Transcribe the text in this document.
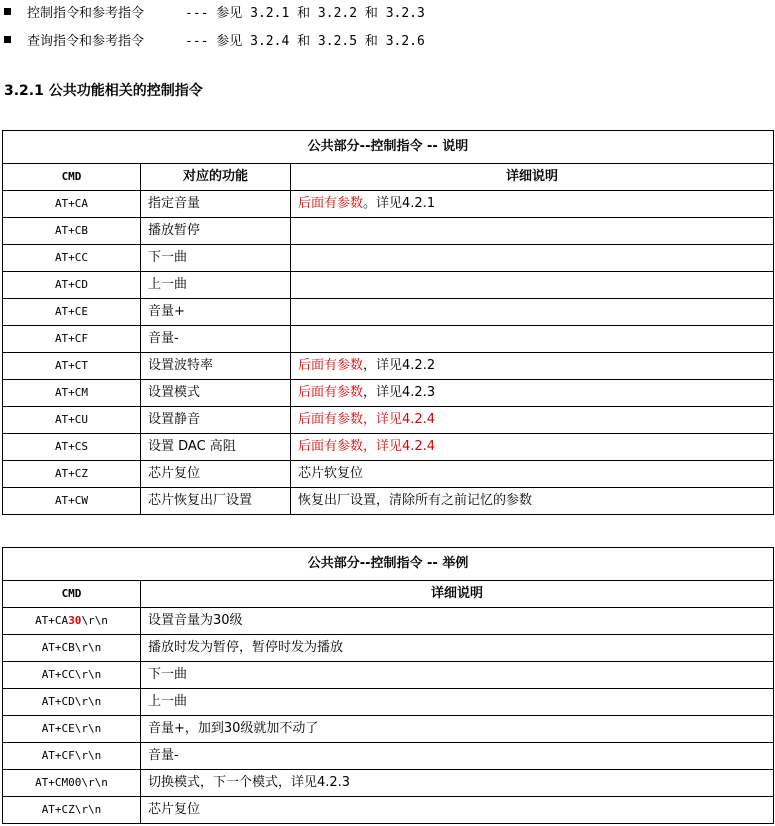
控制指令和参考指令	--- 参见 3.2.1 和 3.2.2 和 3.2.3
查询指令和参考指令	--- 参见 3.2.4 和 3.2.5 和 3.2.6
3.2.1 公共功能相关的控制指令
公共部分--控制指令 -- 说明		
CMD	对应的功能	详细说明
AT+CA	指定音量	后面有参数。详见4.2.1
AT+CB	播放暂停	
AT+CC	下一曲	
AT+CD	上一曲	
AT+CE	音量+	
AT+CF	音量-	
AT+CT	设置波特率	后面有参数，详见4.2.2
AT+CM	设置模式	后面有参数，详见4.2.3
AT+CU	设置静音	后面有参数，详见4.2.4
AT+CS	设置 DAC 高阻	后面有参数，详见4.2.4
AT+CZ	芯片复位	芯片软复位
AT+CW	芯片恢复出厂设置	恢复出厂设置，清除所有之前记忆的参数
公共部分--控制指令 -- 举例	
CMD	详细说明
AT+CA30\r\n	设置音量为30级
AT+CB\r\n	播放时发为暂停，暂停时发为播放
AT+CC\r\n	下一曲
AT+CD\r\n	上一曲
AT+CE\r\n	音量+，加到30级就加不动了
AT+CF\r\n	音量-
AT+CM00\r\n	切换模式，下一个模式，详见4.2.3
AT+CZ\r\n	芯片复位
